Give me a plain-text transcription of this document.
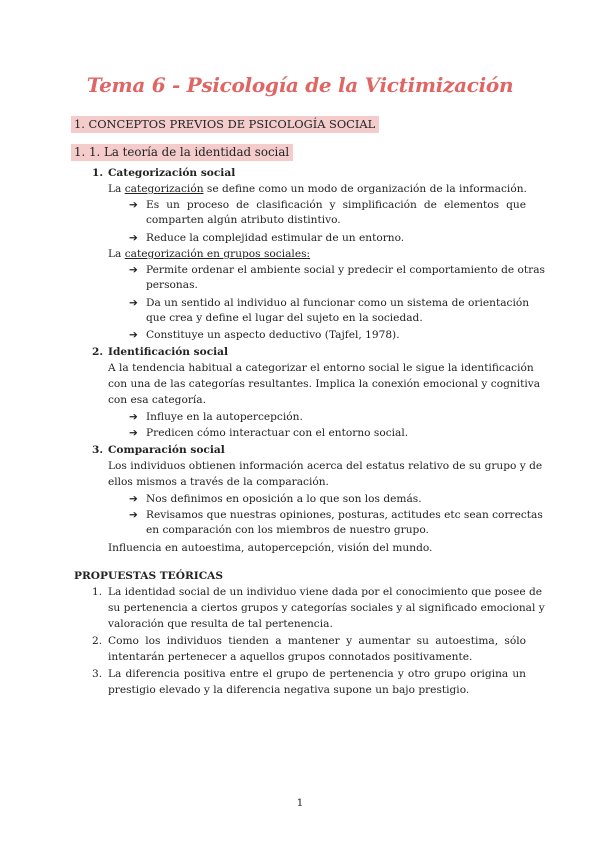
Tema 6 - Psicología de la Victimización
1. CONCEPTOS PREVIOS DE PSICOLOGÍA SOCIAL
1. 1. La teoría de la identidad social
1. Categorización social
La categorización se define como un modo de organización de la información.
➔ Es un proceso de clasificación y simplificación de elementos que
comparten algún atributo distintivo.
➔ Reduce la complejidad estimular de un entorno.
La categorización en grupos sociales:
➔ Permite ordenar el ambiente social y predecir el comportamiento de otras
personas.
➔ Da un sentido al individuo al funcionar como un sistema de orientación
que crea y define el lugar del sujeto en la sociedad.
➔ Constituye un aspecto deductivo (Tajfel, 1978).
2. Identificación social
A la tendencia habitual a categorizar el entorno social le sigue la identificación
con una de las categorías resultantes. Implica la conexión emocional y cognitiva
con esa categoría.
➔ Influye en la autopercepción.
➔ Predicen cómo interactuar con el entorno social.
3. Comparación social
Los individuos obtienen información acerca del estatus relativo de su grupo y de
ellos mismos a través de la comparación.
➔ Nos definimos en oposición a lo que son los demás.
➔ Revisamos que nuestras opiniones, posturas, actitudes etc sean correctas
en comparación con los miembros de nuestro grupo.
Influencia en autoestima, autopercepción, visión del mundo.
PROPUESTAS TEÓRICAS
1. La identidad social de un individuo viene dada por el conocimiento que posee de
su pertenencia a ciertos grupos y categorías sociales y al significado emocional y
valoración que resulta de tal pertenencia.
2. Como los individuos tienden a mantener y aumentar su autoestima, sólo
intentarán pertenecer a aquellos grupos connotados positivamente.
3. La diferencia positiva entre el grupo de pertenencia y otro grupo origina un
prestigio elevado y la diferencia negativa supone un bajo prestigio.
1
